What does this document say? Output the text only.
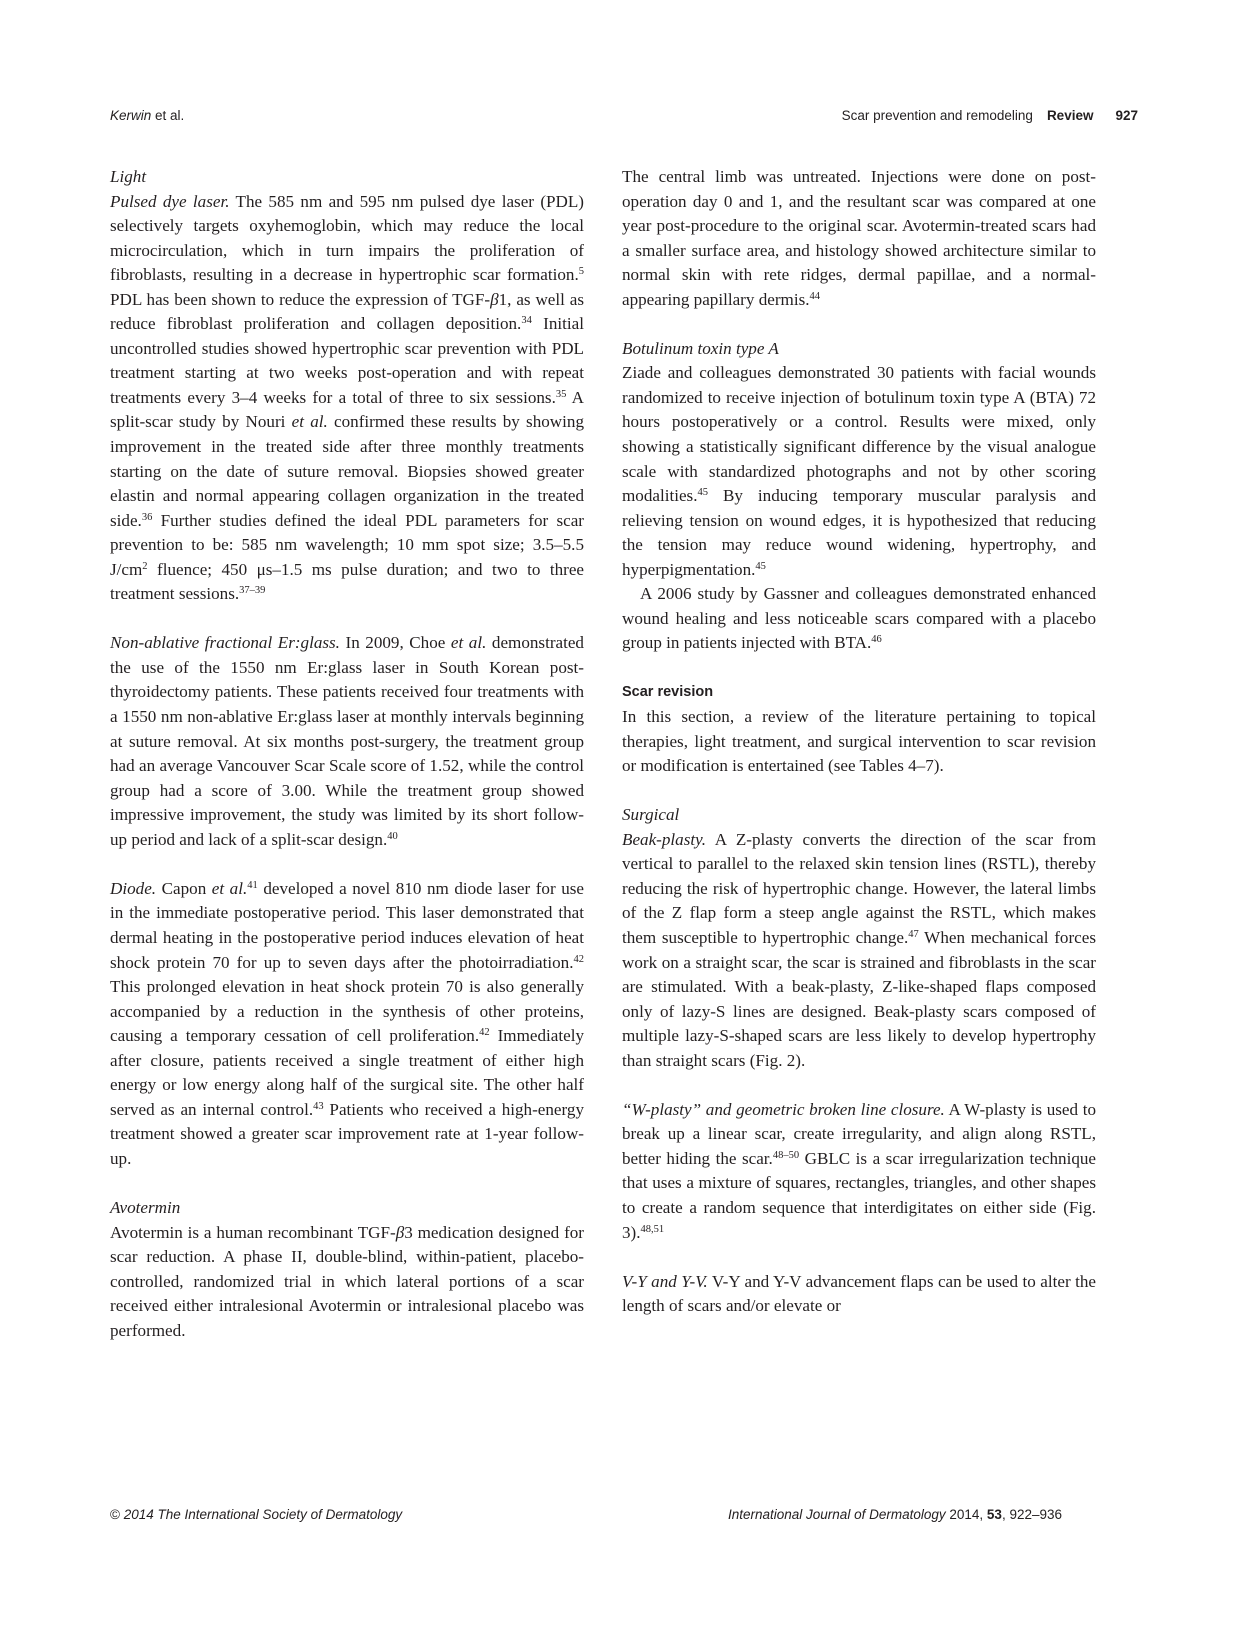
Kerwin et al.	Scar prevention and remodeling Review 927

Light

Pulsed dye laser. The 585 nm and 595 nm pulsed dye laser (PDL) selectively targets oxyhemoglobin, which may reduce the local microcirculation, which in turn impairs the proliferation of fibroblasts, resulting in a decrease in hypertrophic scar formation.$^5$ PDL has been shown to reduce the expression of TGF-β1, as well as reduce fibroblast proliferation and collagen deposition.$^{34}$ Initial uncontrolled studies showed hypertrophic scar prevention with PDL treatment starting at two weeks post-operation and with repeat treatments every 3–4 weeks for a total of three to six sessions.$^{35}$ A split-scar study by Nouri et al. confirmed these results by showing improvement in the treated side after three monthly treatments starting on the date of suture removal. Biopsies showed greater elastin and normal appearing collagen organization in the treated side.$^{36}$ Further studies defined the ideal PDL parameters for scar prevention to be: 585 nm wavelength; 10 mm spot size; 3.5–5.5 $J/cm^2$ fluence; 450 μs–1.5 ms pulse duration; and two to three treatment sessions.$^{37-39}$

Non-ablative fractional Er:glass. In 2009, Choe et al. demonstrated the use of the 1550 nm Er:glass laser in South Korean post-thyroidectomy patients. These patients received four treatments with a 1550 nm non-ablative Er:glass laser at monthly intervals beginning at suture removal. At six months post-surgery, the treatment group had an average Vancouver Scar Scale score of 1.52, while the control group had a score of 3.00. While the treatment group showed impressive improvement, the study was limited by its short follow-up period and lack of a split-scar design.$^{40}$

Diode. Capon et al.$^{41}$ developed a novel 810 nm diode laser for use in the immediate postoperative period. This laser demonstrated that dermal heating in the postoperative period induces elevation of heat shock protein 70 for up to seven days after the photoirradiation.$^{42}$ This prolonged elevation in heat shock protein 70 is also generally accompanied by a reduction in the synthesis of other proteins, causing a temporary cessation of cell proliferation.$^{42}$ Immediately after closure, patients received a single treatment of either high energy or low energy along half of the surgical site. The other half served as an internal control.$^{43}$ Patients who received a high-energy treatment showed a greater scar improvement rate at 1-year follow-up.

Avotermin

Avotermin is a human recombinant TGF-β3 medication designed for scar reduction. A phase II, double-blind, within-patient, placebo-controlled, randomized trial in which lateral portions of a scar received either intralesional Avotermin or intralesional placebo was performed.

The central limb was untreated. Injections were done on post-operation day 0 and 1, and the resultant scar was compared at one year post-procedure to the original scar. Avotermin-treated scars had a smaller surface area, and histology showed architecture similar to normal skin with rete ridges, dermal papillae, and a normal-appearing papillary dermis.$^{44}$

Botulinum toxin type A

Ziade and colleagues demonstrated 30 patients with facial wounds randomized to receive injection of botulinum toxin type A (BTA) 72 hours postoperatively or a control. Results were mixed, only showing a statistically significant difference by the visual analogue scale with standardized photographs and not by other scoring modalities.$^{45}$ By inducing temporary muscular paralysis and relieving tension on wound edges, it is hypothesized that reducing the tension may reduce wound widening, hypertrophy, and hyperpigmentation.$^{45}$

A 2006 study by Gassner and colleagues demonstrated enhanced wound healing and less noticeable scars compared with a placebo group in patients injected with BTA.$^{46}$

Scar revision

In this section, a review of the literature pertaining to topical therapies, light treatment, and surgical intervention to scar revision or modification is entertained (see Tables 4–7).

Surgical

Beak-plasty. A Z-plasty converts the direction of the scar from vertical to parallel to the relaxed skin tension lines (RSTL), thereby reducing the risk of hypertrophic change. However, the lateral limbs of the Z flap form a steep angle against the RSTL, which makes them susceptible to hypertrophic change.$^{47}$ When mechanical forces work on a straight scar, the scar is strained and fibroblasts in the scar are stimulated. With a beak-plasty, Z-like-shaped flaps composed only of lazy-S lines are designed. Beak-plasty scars composed of multiple lazy-S-shaped scars are less likely to develop hypertrophy than straight scars (Fig. 2).

“W-plasty” and geometric broken line closure. A W-plasty is used to break up a linear scar, create irregularity, and align along RSTL, better hiding the scar.$^{48-50}$ GBLC is a scar irregularization technique that uses a mixture of squares, rectangles, triangles, and other shapes to create a random sequence that interdigitates on either side (Fig. 3).$^{48,51}$

V-Y and Y-V. V-Y and Y-V advancement flaps can be used to alter the length of scars and/or elevate or

© 2014 The International Society of Dermatology	International Journal of Dermatology 2014, 53, 922–936
